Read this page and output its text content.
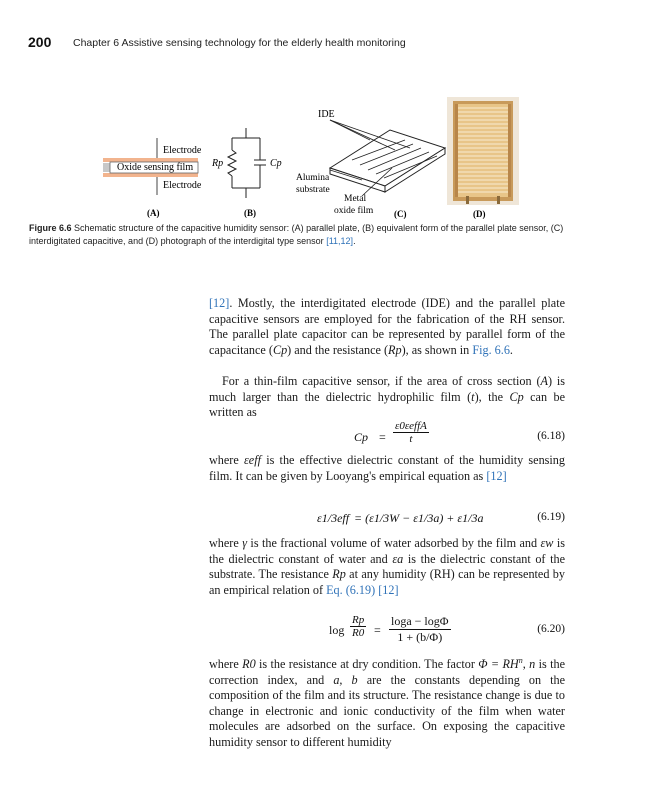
200 Chapter 6 Assistive sensing technology for the elderly health monitoring
Electrode
Oxide sensing film
Electrode
(A)
Rp	Cp
(B)
IDE
Alumina
substrate
Metal
oxide film (C)	(D)
Figure 6.6 Schematic structure of the capacitive humidity sensor: (A) parallel plate, (B) equivalent form of the parallel plate sensor, (C) interdigitated capacitive, and (D) photograph of the interdigital type sensor [11,12].
[12]. Mostly, the interdigitated electrode (IDE) and the parallel plate capacitive sensors are employed for the fabrication of the RH sensor. The parallel plate capacitor can be represented by parallel form of the capacitance (Cp) and the resistance (Rp), as shown in Fig. 6.6.
For a thin-film capacitive sensor, if the area of cross section (A) is much larger than the dielectric hydrophilic film (t), the Cp can be written as
Cp =
ε0εeffA
t	(6.18)
where εeff is the effective dielectric constant of the humidity sensing film. It can be given by Looyang's empirical equation as [12]
ε1/3eff = (ε1/3W − ε1/3a) + ε1/3a	(6.19)
where γ is the fractional volume of water adsorbed by the film and εw is the dielectric constant of water and εa is the dielectric constant of the substrate. The resistance Rp at any humidity (RH) can be represented by an empirical relation of Eq. (6.19) [12]
$\log \frac{Rp}{R0} = \frac{\log a - \log\Phi}{1 + (b/\Phi)}$	(6.20)
where R0 is the resistance at dry condition. The factor $\Phi = RH^n$, n is the correction index, and a, b are the constants depending on the composition of the film and its structure. The resistance change is due to change in electronic and ionic conductivity of the film when water molecules are adsorbed on the surface. On exposing the capacitive humidity sensor to different humidity
